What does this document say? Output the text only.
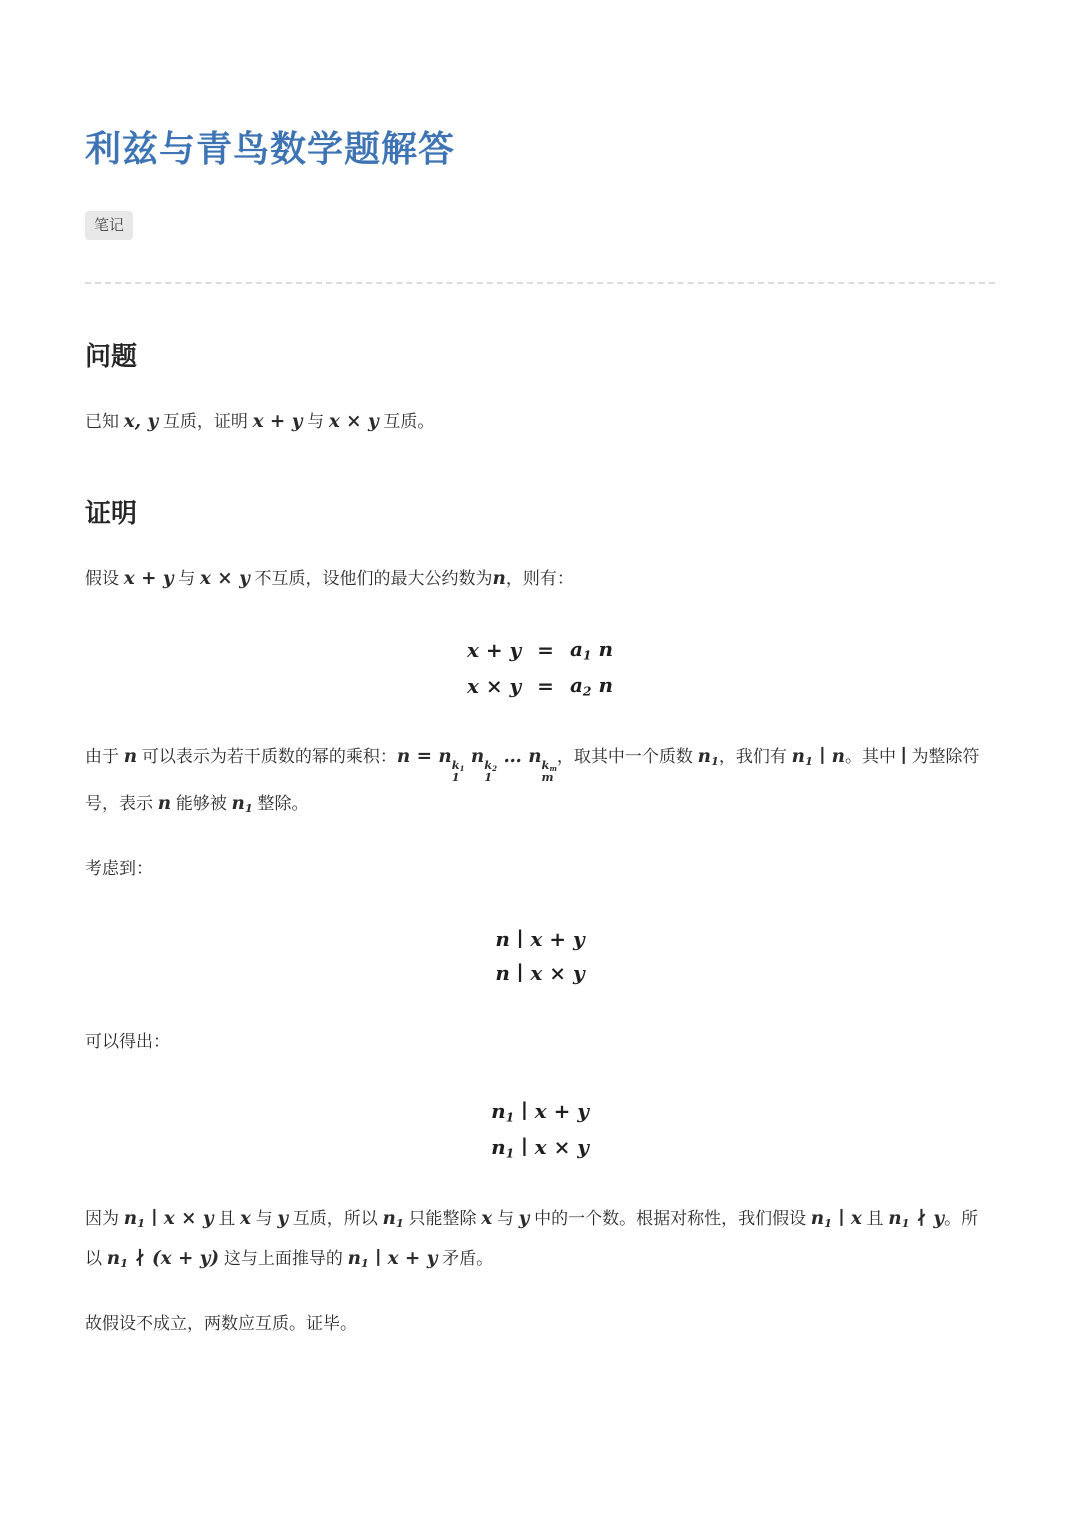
利兹与青鸟数学题解答
笔记
问题

已知 x, y 互质，证明 x + y 与 x × y 互质。

证明

假设 x + y 与 x × y 不互质，设他们的最大公约数为n，则有：

x + y	=	a1 n
x × y	=	a2 n

由于 n 可以表示为若干质数的幂的乘积：n = n k1
1
n k2
1
… n km
m
，取其中一个质数 n1，我们有 n1 ∣ n。其中 ∣ 为整除符号，表示 n 能够被 n1 整除。

考虑到：

n ∣ x + y
n ∣ x × y

可以得出：

n1 ∣ x + y
n1 ∣ x × y

因为 n1 ∣ x × y 且 x 与 y 互质，所以 n1 只能整除 x 与 y 中的一个数。根据对称性，我们假设 n1 ∣ x 且 n1 ∤ y。所以 n1 ∤ (x + y) 这与上面推导的 n1 ∣ x + y 矛盾。

故假设不成立，两数应互质。证毕。
